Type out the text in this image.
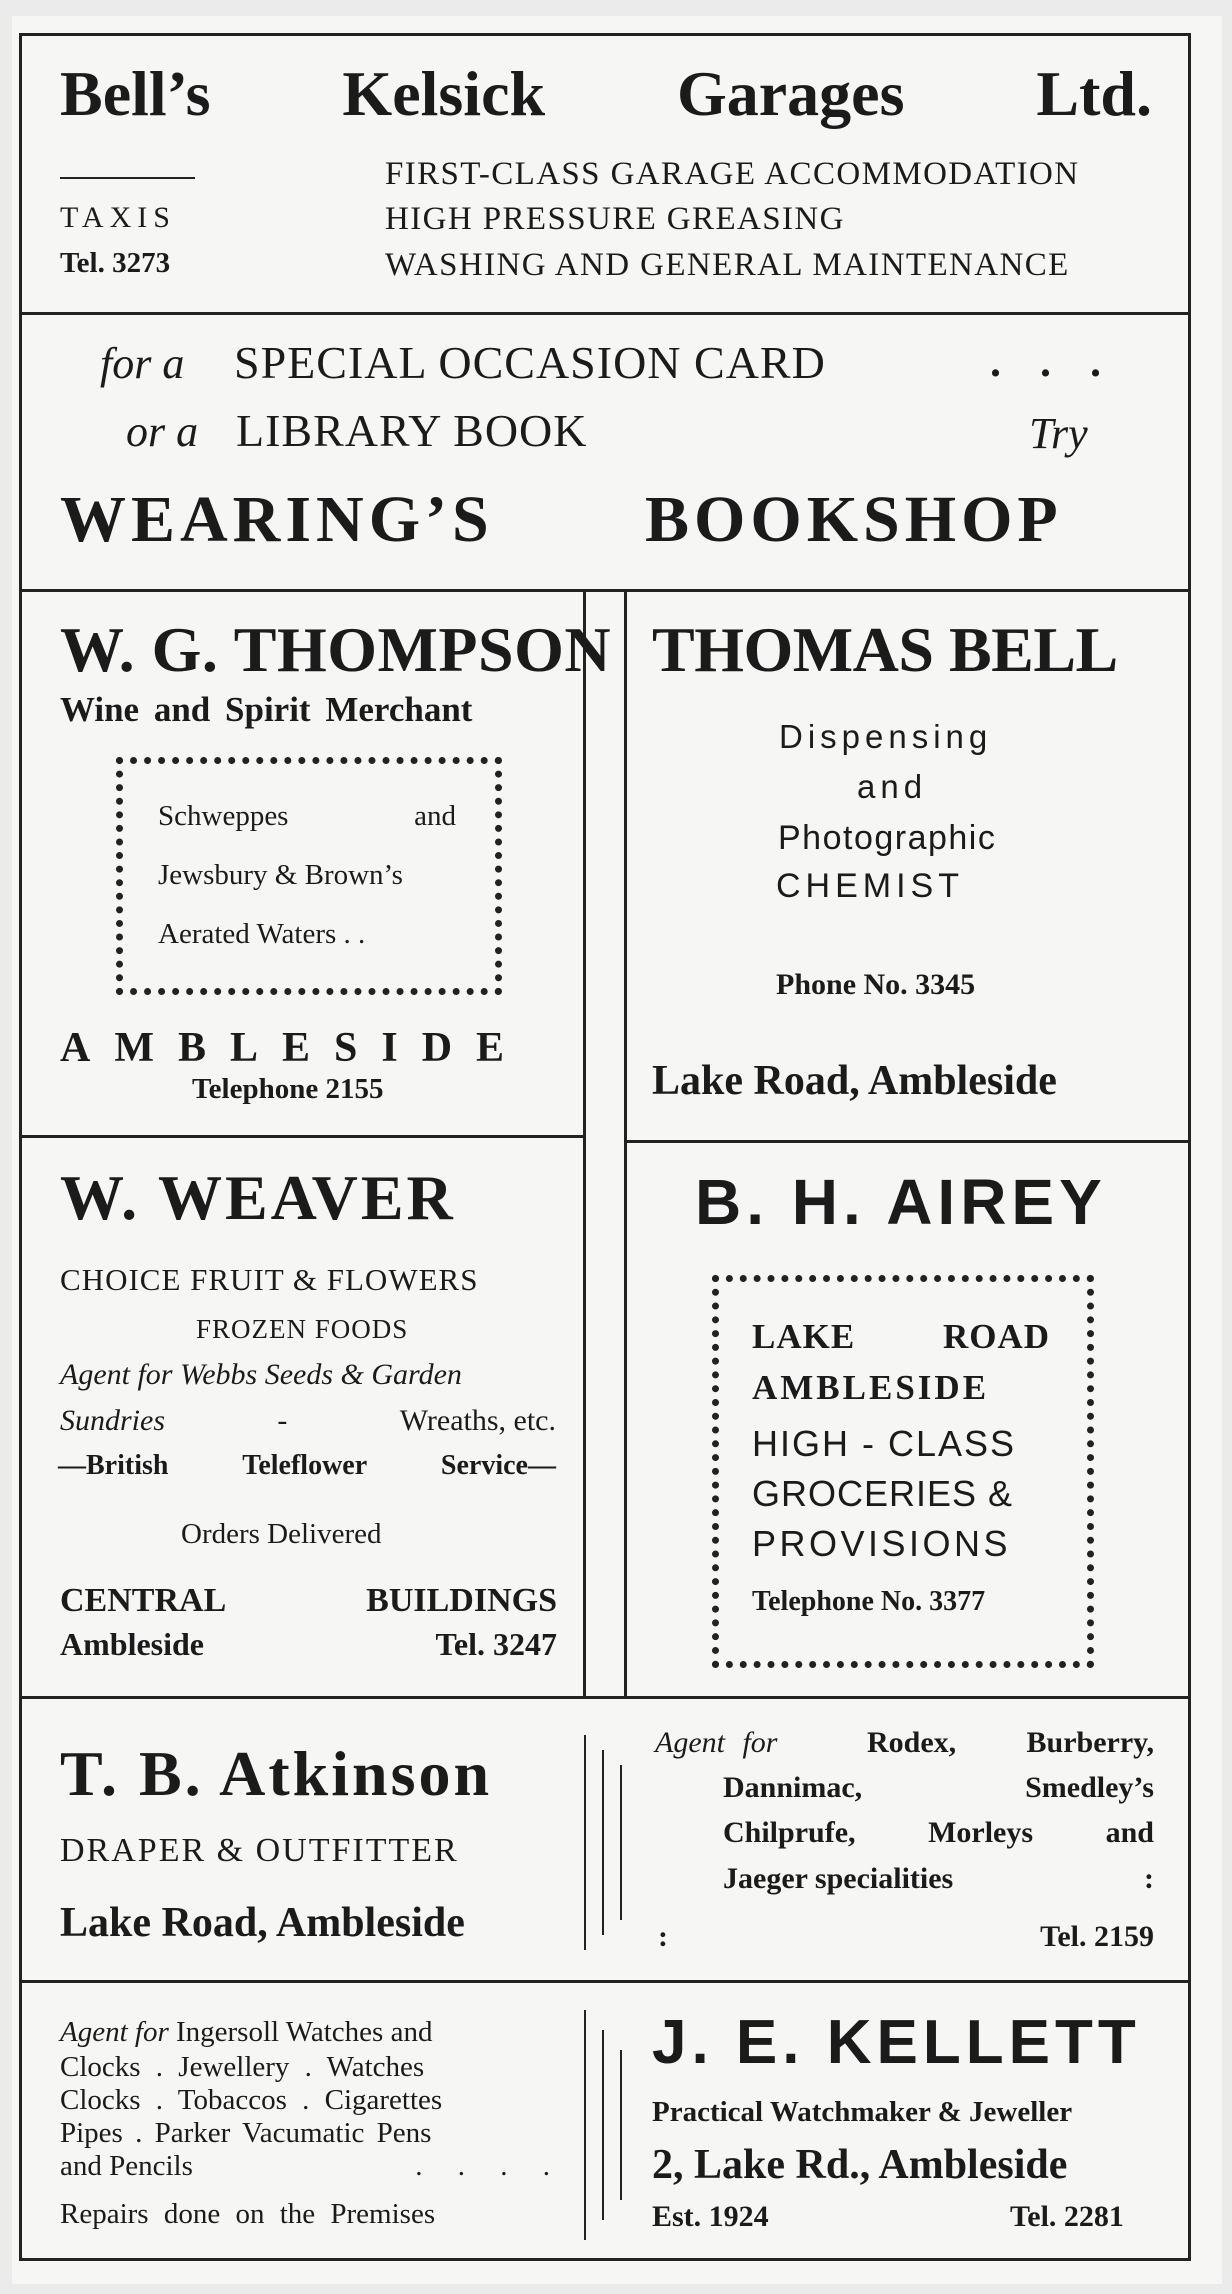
Bell’s Kelsick Garages Ltd.
TAXIS
Tel. 3273
FIRST-CLASS GARAGE ACCOMMODATION
HIGH PRESSURE GREASING
WASHING AND GENERAL MAINTENANCE
for a SPECIAL OCCASION CARD	. . .
or a LIBRARY BOOK	Try
WEARING’S BOOKSHOP
W. G. THOMPSON
Wine and Spirit Merchant
Schweppes	and
Jewsbury & Brown’s
Aerated Waters . .
AMBLESIDE
Telephone 2155
THOMAS BELL
Dispensing
and
Photographic
CHEMIST
Phone No. 3345
Lake Road, Ambleside
W. WEAVER
CHOICE FRUIT & FLOWERS
FROZEN FOODS
Agent for Webbs Seeds & Garden
Sundries	-	Wreaths, etc.
—British	Teleflower	Service—
Orders Delivered
CENTRAL	BUILDINGS
Ambleside	Tel. 3247
B. H. AIREY
LAKE	ROAD
AMBLESIDE
HIGH - CLASS
GROCERIES &
PROVISIONS
Telephone No. 3377
T. B. Atkinson
DRAPER & OUTFITTER
Lake Road, Ambleside
Agent for	Rodex, Burberry,
Dannimac,	Smedley’s
Chilprufe, Morleys and
Jaeger specialities	:
:	Tel. 2159
Agent for Ingersoll Watches and
Clocks . Jewellery . Watches
Clocks . Tobaccos . Cigarettes
Pipes . Parker Vacumatic Pens
and Pencils	. . . .
Repairs done on the Premises
J. E. KELLETT
Practical Watchmaker & Jeweller
2, Lake Rd., Ambleside
Est. 1924	Tel. 2281
